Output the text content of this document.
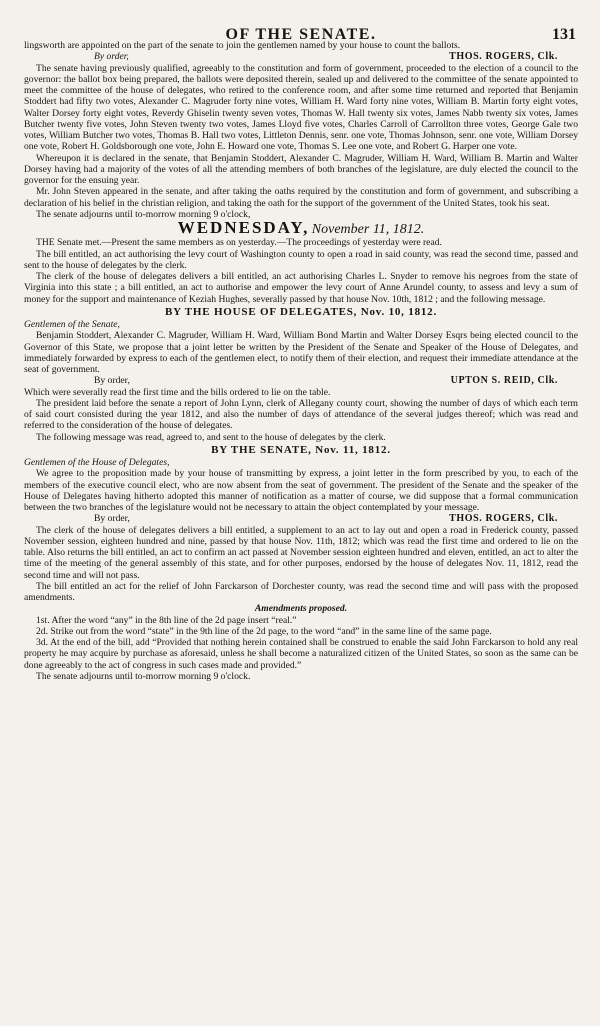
OF THE SENATE.	131

lingsworth are appointed on the part of the senate to join the gentlemen named by your house to count the ballots.

By order,	THOS. ROGERS, Clk.

The senate having previously qualified, agreeably to the constitution and form of government, proceeded to the election of a council to the governor: the ballot box being prepared, the ballots were deposited therein, sealed up and delivered to the committee of the senate appointed to meet the committee of the house of delegates, who retired to the conference room, and after some time returned and reported that Benjamin Stoddert had fifty two votes, Alexander C. Magruder forty nine votes, William H. Ward forty nine votes, William B. Martin forty eight votes, Walter Dorsey forty eight votes, Reverdy Ghiselin twenty seven votes, Thomas W. Hall twenty six votes, James Nabb twenty six votes, James Butcher twenty five votes, John Steven twenty two votes, James Lloyd five votes, Charles Carroll of Carrollton three votes, George Gale two votes, William Butcher two votes, Thomas B. Hall two votes, Littleton Dennis, senr. one vote, Thomas Johnson, senr. one vote, William Dorsey one vote, Robert H. Goldsborough one vote, John E. Howard one vote, Thomas S. Lee one vote, and Robert G. Harper one vote.

Whereupon it is declared in the senate, that Benjamin Stoddert, Alexander C. Magruder, William H. Ward, William B. Martin and Walter Dorsey having had a majority of the votes of all the attending members of both branches of the legislature, are duly elected the council to the governor for the ensuing year.

Mr. John Steven appeared in the senate, and after taking the oaths required by the constitution and form of government, and subscribing a declaration of his belief in the christian religion, and taking the oath for the support of the government of the United States, took his seat.

The senate adjourns until to-morrow morning 9 o'clock,

WEDNESDAY, November 11, 1812.

THE Senate met.—Present the same members as on yesterday.—The proceedings of yesterday were read.

The bill entitled, an act authorising the levy court of Washington county to open a road in said county, was read the second time, passed and sent to the house of delegates by the clerk.

The clerk of the house of delegates delivers a bill entitled, an act authorising Charles L. Snyder to remove his negroes from the state of Virginia into this state ; a bill entitled, an act to authorise and empower the levy court of Anne Arundel county, to assess and levy a sum of money for the support and maintenance of Keziah Hughes, severally passed by that house Nov. 10th, 1812 ; and the following message.

BY THE HOUSE OF DELEGATES, Nov. 10, 1812.

Gentlemen of the Senate,

Benjamin Stoddert, Alexander C. Magruder, William H. Ward, William Bond Martin and Walter Dorsey Esqrs being elected council to the Governor of this State, we propose that a joint letter be written by the President of the Senate and Speaker of the House of Delegates, and immediately forwarded by express to each of the gentlemen elect, to notify them of their election, and request their immediate attendance at the seat of government.

By order,	UPTON S. REID, Clk.

Which were severally read the first time and the bills ordered to lie on the table.

The president laid before the senate a report of John Lynn, clerk of Allegany county court, showing the number of days of which each term of said court consisted during the year 1812, and also the number of days of attendance of the several judges thereof; which was read and referred to the consideration of the house of delegates.

The following message was read, agreed to, and sent to the house of delegates by the clerk.

BY THE SENATE, Nov. 11, 1812.

Gentlemen of the House of Delegates,

We agree to the proposition made by your house of transmitting by express, a joint letter in the form prescribed by you, to each of the members of the executive council elect, who are now absent from the seat of government. The president of the Senate and the speaker of the House of Delegates having hitherto adopted this manner of notification as a matter of course, we did suppose that a formal communication between the two branches of the legislature would not be necessary to attain the object contemplated by your message.

By order,	THOS. ROGERS, Clk.

The clerk of the house of delegates delivers a bill entitled, a supplement to an act to lay out and open a road in Frederick county, passed November session, eighteen hundred and nine, passed by that house Nov. 11th, 1812; which was read the first time and ordered to lie on the table. Also returns the bill entitled, an act to confirm an act passed at November session eighteen hundred and eleven, entitled, an act to alter the time of the meeting of the general assembly of this state, and for other purposes, endorsed by the house of delegates Nov. 11, 1812, read the second time and will not pass.

The bill entitled an act for the relief of John Farckarson of Dorchester county, was read the second time and will pass with the proposed amendments.

Amendments proposed.

1st. After the word “any” in the 8th line of the 2d page insert “real.”

2d. Strike out from the word “state” in the 9th line of the 2d page, to the word “and” in the same line of the same page.

3d. At the end of the bill, add “Provided that nothing herein contained shall be construed to enable the said John Farckarson to hold any real property he may acquire by purchase as aforesaid, unless he shall become a naturalized citizen of the United States, so soon as the same can be done agreeably to the act of congress in such cases made and provided.”

The senate adjourns until to-morrow morning 9 o'clock.
